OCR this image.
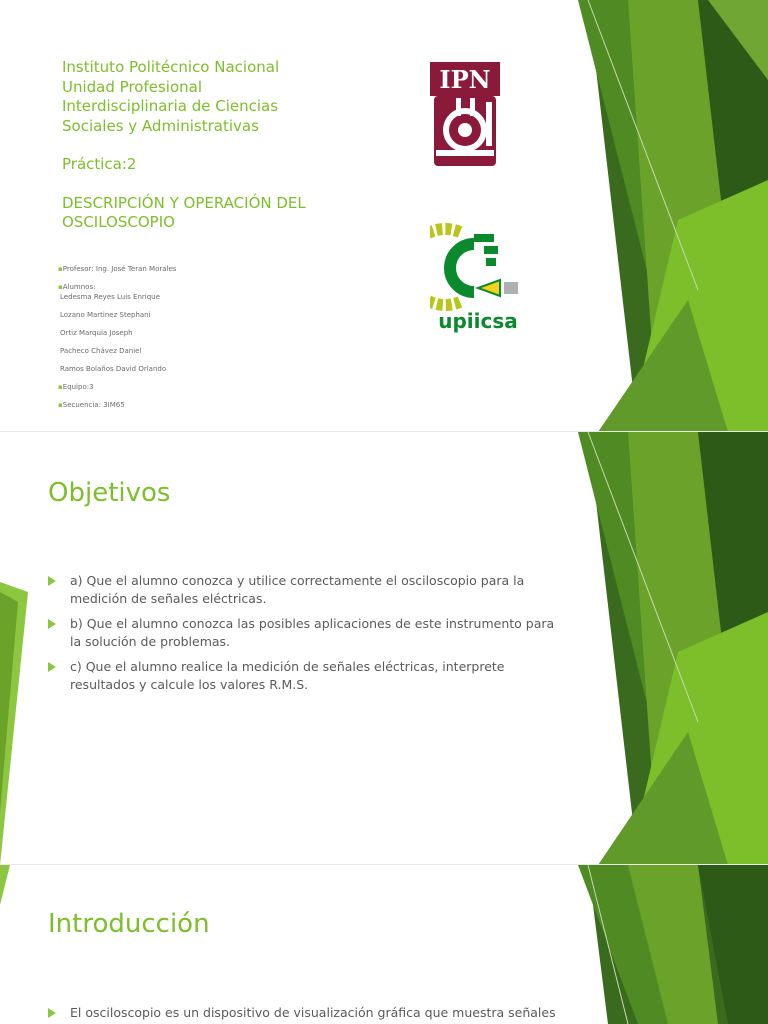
Instituto Politécnico Nacional
Unidad Profesional
Interdisciplinaria de Ciencias
Sociales y Administrativas
Práctica:2
DESCRIPCIÓN Y OPERACIÓN DEL
OSCILOSCOPIO
▪Profesor: Ing. José Teran Morales
▪Alumnos:
Ledesma Reyes Luis Enrique
Lozano Martinez Stephani
Ortiz Marquia Joseph
Pacheco Chávez Daniel
Ramos Bolaños David Orlando
▪Equipo:3
▪Secuencia: 3IM65
IPN
upiicsa
Objetivos
a) Que el alumno conozca y utilice correctamente el osciloscopio para la medición de señales eléctricas.
b) Que el alumno conozca las posibles aplicaciones de este instrumento para la solución de problemas.
c) Que el alumno realice la medición de señales eléctricas, interprete resultados y calcule los valores R.M.S.
Introducción
El osciloscopio es un dispositivo de visualización gráfica que muestra señales
